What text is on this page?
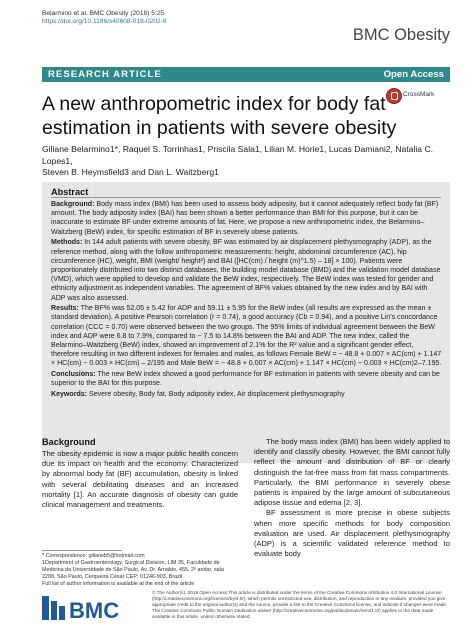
Belarmino et al. BMC Obesity (2018) 5:25
https://doi.org/10.1186/s40608-018-0202-8
BMC Obesity
RESEARCH ARTICLE	Open Access
A new anthropometric index for body fat
estimation in patients with severe obesity
CrossMark
Giliane Belarmino1*, Raquel S. Torrinhas1, Priscila Sala1, Lilian M. Horie1, Lucas Damiani2, Natalia C. Lopes1,
Steven B. Heymsfield3 and Dan L. Waitzberg1
Abstract

Background: Body mass index (BMI) has been used to assess body adiposity, but it cannot adequately reflect body fat (BF) amount. The body adiposity index (BAI) has been shown a better performance than BMI for this purpose, but it can be inaccurate to estimate BF under extreme amounts of fat. Here, we propose a new anthropometric index, the Belarmino–Waitzberg (BeW) index, for specific estimation of BF in severely obese patients.

Methods: In 144 adult patients with severe obesity, BF was estimated by air displacement plethysmography (ADP), as the reference method, along with the follow anthropometric measurements: height, abdominal circumference (AC), hip circumference (HC), weight, BMI (weight/ height²) and BAI ([HC(cm) / height (m)^1.5) – 18] × 100). Patients were proportionately distributed into two distinct databases, the building model database (BMD) and the validation model database (VMD), which were applied to develop and validate the BeW index, respectively. The BeW index was tested for gender and ethnicity adjustment as independent variables. The agreement of BF% values obtained by the new index and by BAI with ADP was also assessed.

Results: The BF% was 52.05 ± 5.42 for ADP and 59.11 ± 5.95 for the BeW index (all results are expressed as the mean ± standard deviation). A positive Pearson correlation (r = 0.74), a good accuracy (Cb = 0.94), and a positive Lin's concordance correlation (CCC = 0.70) were observed between the two groups. The 95% limits of individual agreement between the BeW index and ADP were 6.8 to 7.9%, compared to − 7.5 to 14.8% between the BAI and ADP. The new index, called the Belarmino–Waitzberg (BeW) index, showed an improvement of 2.1% for the R² value and a significant gender effect, therefore resulting in two different indexes for females and males, as follows Female BeW = − 48.8 + 0.007 × AC(cm) + 1.147 × HC(cm) − 0.003 × HC(cm) – 2/195 and Male BeW = − 48.8 + 0.007 × AC(cm) + 1.147 × HC(cm) − 0.003 × HC(cm)2–7.195.

Conclusions: The new BeW index showed a good performance for BF estimation in patients with severe obesity and can be superior to the BAI for this purpose.

Keywords: Severe obesity, Body fat, Body adiposity index, Air displacement plethysmography

Background

The obesity epidemic is now a major public health concern due its impact on health and the economy. Characterized by abnormal body fat (BF) accumulation, obesity is linked with several debilitating diseases and an increased mortality [1]. An accurate diagnosis of obesity can guide clinical management and treatments.

The body mass index (BMI) has been widely applied to identify and classify obesity. However, the BMI cannot fully reflect the amount and distribution of BF or clearly distinguish the fat-free mass from fat mass compartments. Particularly, the BMI performance in severely obese patients is impaired by the large amount of subcutaneous adipose tissue and edema [2, 3].

BF assessment is more precise in obese subjects when more specific methods for body composition evaluation are used. Air displacement plethysmography (ADP) is a scientific validated reference method to evaluate body

* Correspondence: gilianeb5@hotmail.com
1Department of Gastroenterology, Surgical Division, LIM 35, Faculdade de
Medicina da Universidade de São Paulo, Av. Dr. Arnaldo, 455, 2º andar, sala
2208, São Paulo, Cerqueira César CEP: 01246-903, Brazil
Full list of author information is available at the end of the article
BMC
© The Author(s). 2018 Open Access This article is distributed under the terms of the Creative Commons Attribution 4.0 International License (http://creativecommons.org/licenses/by/4.0/), which permits unrestricted use, distribution, and reproduction in any medium, provided you give appropriate credit to the original author(s) and the source, provide a link to the Creative Commons license, and indicate if changes were made. The Creative Commons Public Domain Dedication waiver (http://creativecommons.org/publicdomain/zero/1.0/) applies to the data made available in this article, unless otherwise stated.
